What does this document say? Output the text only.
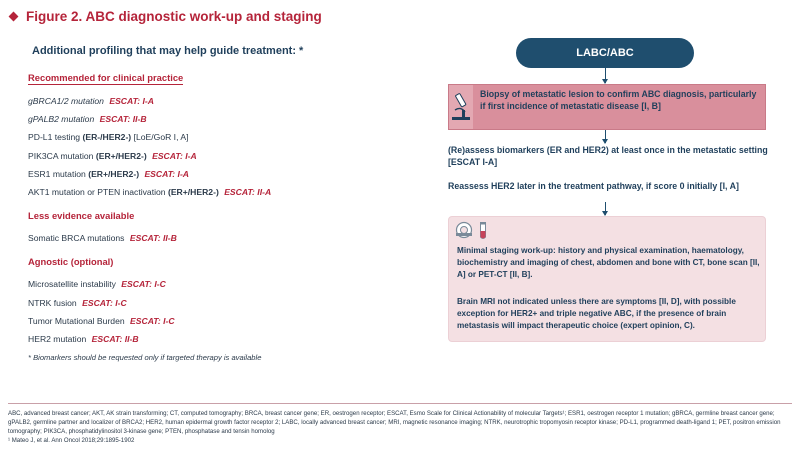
Figure 2. ABC diagnostic work-up and staging
Additional profiling that may help guide treatment: *
Recommended for clinical practice
gBRCA1/2 mutation ESCAT: I-A
gPALB2 mutation ESCAT: II-B
PD-L1 testing (ER-/HER2-) [LoE/GoR I, A]
PIK3CA mutation (ER+/HER2-) ESCAT: I-A
ESR1 mutation (ER+/HER2-) ESCAT: I-A
AKT1 mutation or PTEN inactivation (ER+/HER2-) ESCAT: II-A
Less evidence available
Somatic BRCA mutations ESCAT: II-B
Agnostic (optional)
Microsatellite instability ESCAT: I-C
NTRK fusion ESCAT: I-C
Tumor Mutational Burden ESCAT: I-C
HER2 mutation ESCAT: II-B
* Biomarkers should be requested only if targeted therapy is available
LABC/ABC
Biopsy of metastatic lesion to confirm ABC diagnosis, particularly if first incidence of metastatic disease [I, B]
(Re)assess biomarkers (ER and HER2) at least once in the metastatic setting [ESCAT I-A]
Reassess HER2 later in the treatment pathway, if score 0 initially [I, A]
Minimal staging work-up: history and physical examination, haematology, biochemistry and imaging of chest, abdomen and bone with CT, bone scan [II, A] or PET-CT [II, B].
Brain MRI not indicated unless there are symptoms [II, D], with possible exception for HER2+ and triple negative ABC, if the presence of brain metastasis will impact therapeutic choice (expert opinion, C).
ABC, advanced breast cancer; AKT, AK strain transforming; CT, computed tomography; BRCA, breast cancer gene; ER, oestrogen receptor; ESCAT, Esmo Scale for Clinical Actionability of molecular Targets¹; ESR1, oestrogen receptor 1 mutation; gBRCA, germline breast cancer gene; gPALB2, germline partner and localizer of BRCA2; HER2, human epidermal growth factor receptor 2; LABC, locally advanced breast cancer; MRI, magnetic resonance imaging; NTRK, neurotrophic tropomyosin receptor kinase; PD-L1, programmed death-ligand 1; PET, positron emission tomography; PIK3CA, phosphatidylinositol 3-kinase gene; PTEN, phosphatase and tensin homolog
¹ Mateo J, et al. Ann Oncol 2018;29:1895-1902
